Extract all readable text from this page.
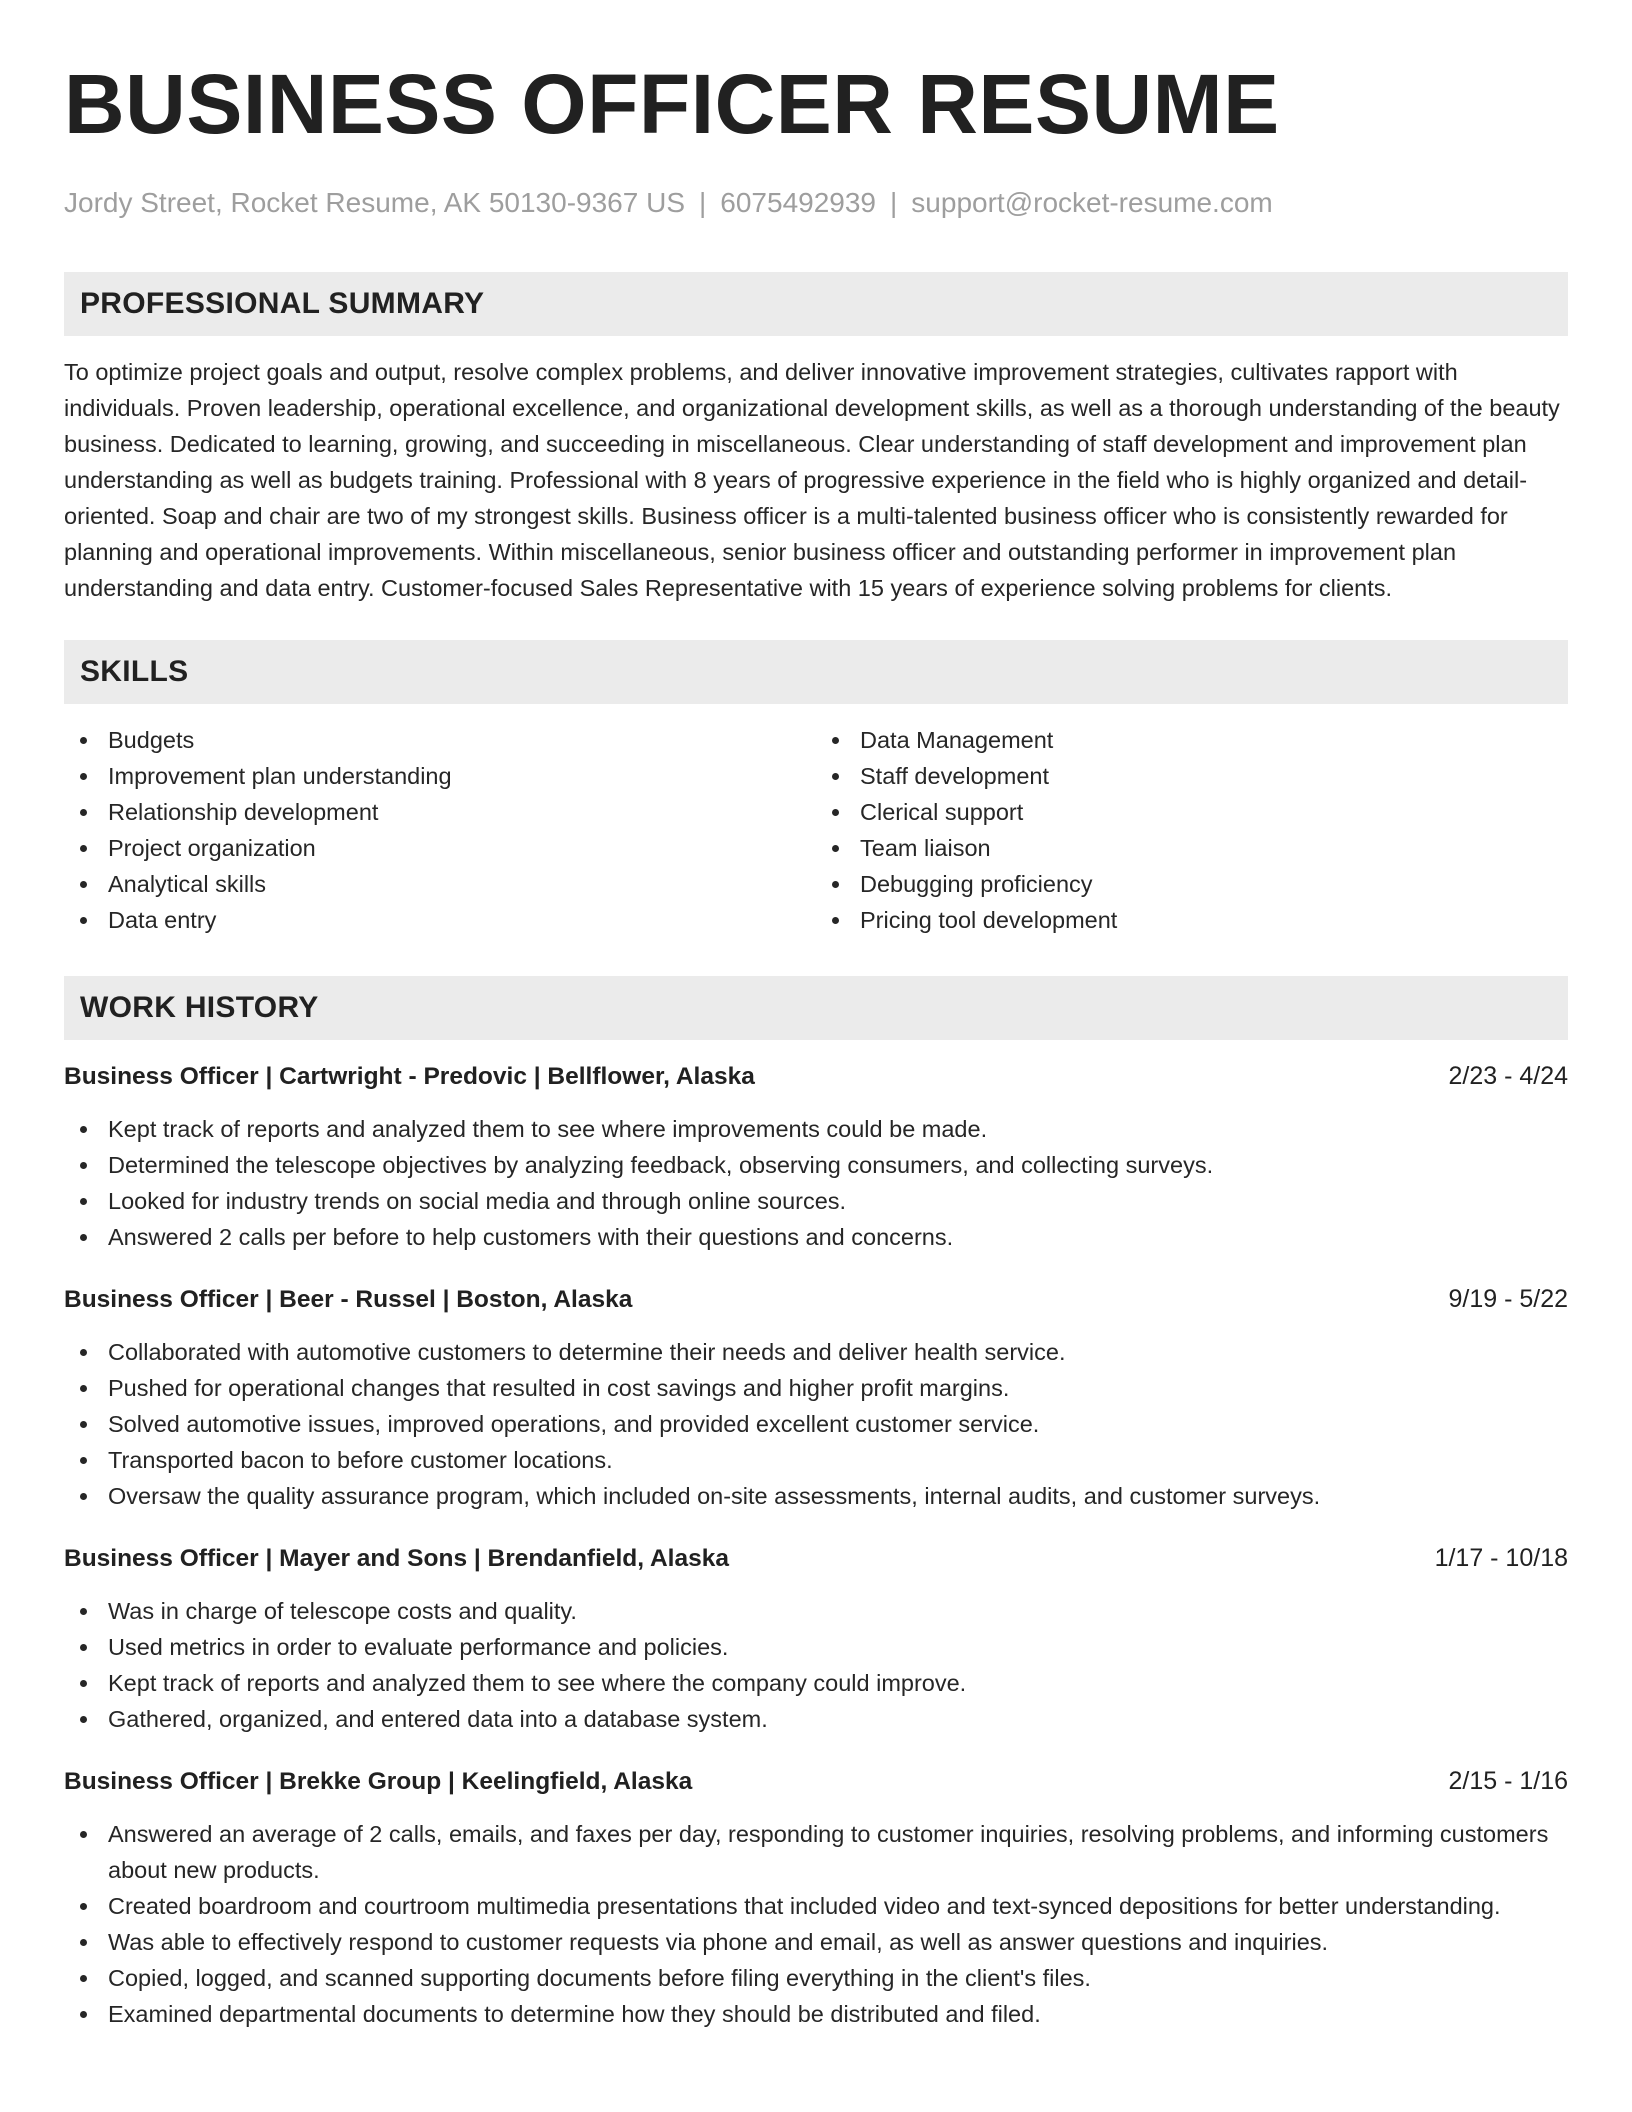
BUSINESS OFFICER RESUME
Jordy Street, Rocket Resume, AK 50130-9367 US | 6075492939 | support@rocket-resume.com
PROFESSIONAL SUMMARY

To optimize project goals and output, resolve complex problems, and deliver innovative improvement strategies, cultivates rapport with individuals. Proven leadership, operational excellence, and organizational development skills, as well as a thorough understanding of the beauty business. Dedicated to learning, growing, and succeeding in miscellaneous. Clear understanding of staff development and improvement plan understanding as well as budgets training. Professional with 8 years of progressive experience in the field who is highly organized and detail-oriented. Soap and chair are two of my strongest skills. Business officer is a multi-talented business officer who is consistently rewarded for planning and operational improvements. Within miscellaneous, senior business officer and outstanding performer in improvement plan understanding and data entry. Customer-focused Sales Representative with 15 years of experience solving problems for clients.

SKILLS
Budgets
Improvement plan understanding
Relationship development
Project organization
Analytical skills
Data entry
Data Management
Staff development
Clerical support
Team liaison
Debugging proficiency
Pricing tool development
WORK HISTORY
Business Officer | Cartwright - Predovic | Bellflower, Alaska	2/23 - 4/24
Kept track of reports and analyzed them to see where improvements could be made.
Determined the telescope objectives by analyzing feedback, observing consumers, and collecting surveys.
Looked for industry trends on social media and through online sources.
Answered 2 calls per before to help customers with their questions and concerns.
Business Officer | Beer - Russel | Boston, Alaska	9/19 - 5/22
Collaborated with automotive customers to determine their needs and deliver health service.
Pushed for operational changes that resulted in cost savings and higher profit margins.
Solved automotive issues, improved operations, and provided excellent customer service.
Transported bacon to before customer locations.
Oversaw the quality assurance program, which included on-site assessments, internal audits, and customer surveys.
Business Officer | Mayer and Sons | Brendanfield, Alaska	1/17 - 10/18
Was in charge of telescope costs and quality.
Used metrics in order to evaluate performance and policies.
Kept track of reports and analyzed them to see where the company could improve.
Gathered, organized, and entered data into a database system.
Business Officer | Brekke Group | Keelingfield, Alaska	2/15 - 1/16
Answered an average of 2 calls, emails, and faxes per day, responding to customer inquiries, resolving problems, and informing customers about new products.
Created boardroom and courtroom multimedia presentations that included video and text-synced depositions for better understanding.
Was able to effectively respond to customer requests via phone and email, as well as answer questions and inquiries.
Copied, logged, and scanned supporting documents before filing everything in the client's files.
Examined departmental documents to determine how they should be distributed and filed.
